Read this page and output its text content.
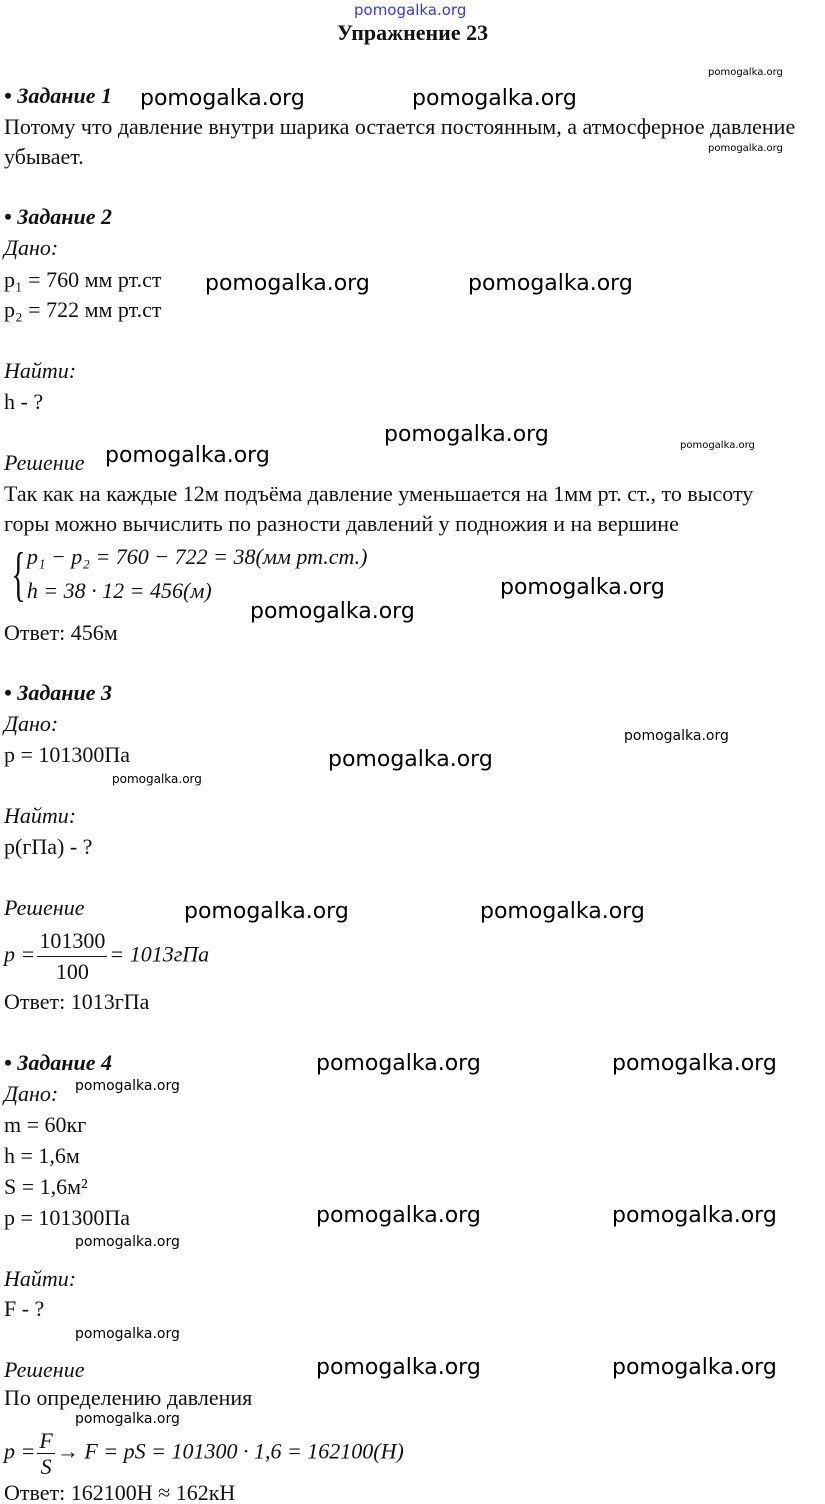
pomogalka.org
Упражнение 23
• Задание 1
Потому что давление внутри шарика остается постоянным, а атмосферное давление
убывает.
• Задание 2
Дано:
p₁ = 760 мм рт.ст
p₂ = 722 мм рт.ст
Найти:
h - ?
Решение
Так как на каждые 12м подъёма давление уменьшается на 1мм рт. ст., то высоту
горы можно вычислить по разности давлений у подножия и на вершине
{ p₁ − p₂ = 760 − 722 = 38(мм рт.ст.)
h = 38 · 12 = 456(м)
Ответ: 456м
• Задание 3
Дано:
p = 101300Па
Найти:
p(гПа) - ?
Решение
$p = \frac{101300}{100} = 1013гПа$
Ответ: 1013гПа
• Задание 4
Дано:
m = 60кг
h = 1,6м
S = 1,6м²
p = 101300Па
Найти:
F - ?
Решение
По определению давления
$p = \frac{F}{S} \to F$ = pS = 101300 · 1,6 = 162100(H)
Ответ: 162100Н ≈ 162кН
pomogalka.org	pomogalka.org
pomogalka.org	pomogalka.org
pomogalka.org
pomogalka.org
pomogalka.org
pomogalka.org
pomogalka.org
pomogalka.org	pomogalka.org
pomogalka.org	pomogalka.org
pomogalka.org	pomogalka.org
pomogalka.org	pomogalka.org
pomogalka.org
pomogalka.org
pomogalka.org
pomogalka.org
pomogalka.org
pomogalka.org
pomogalka.org
pomogalka.org
pomogalka.org
